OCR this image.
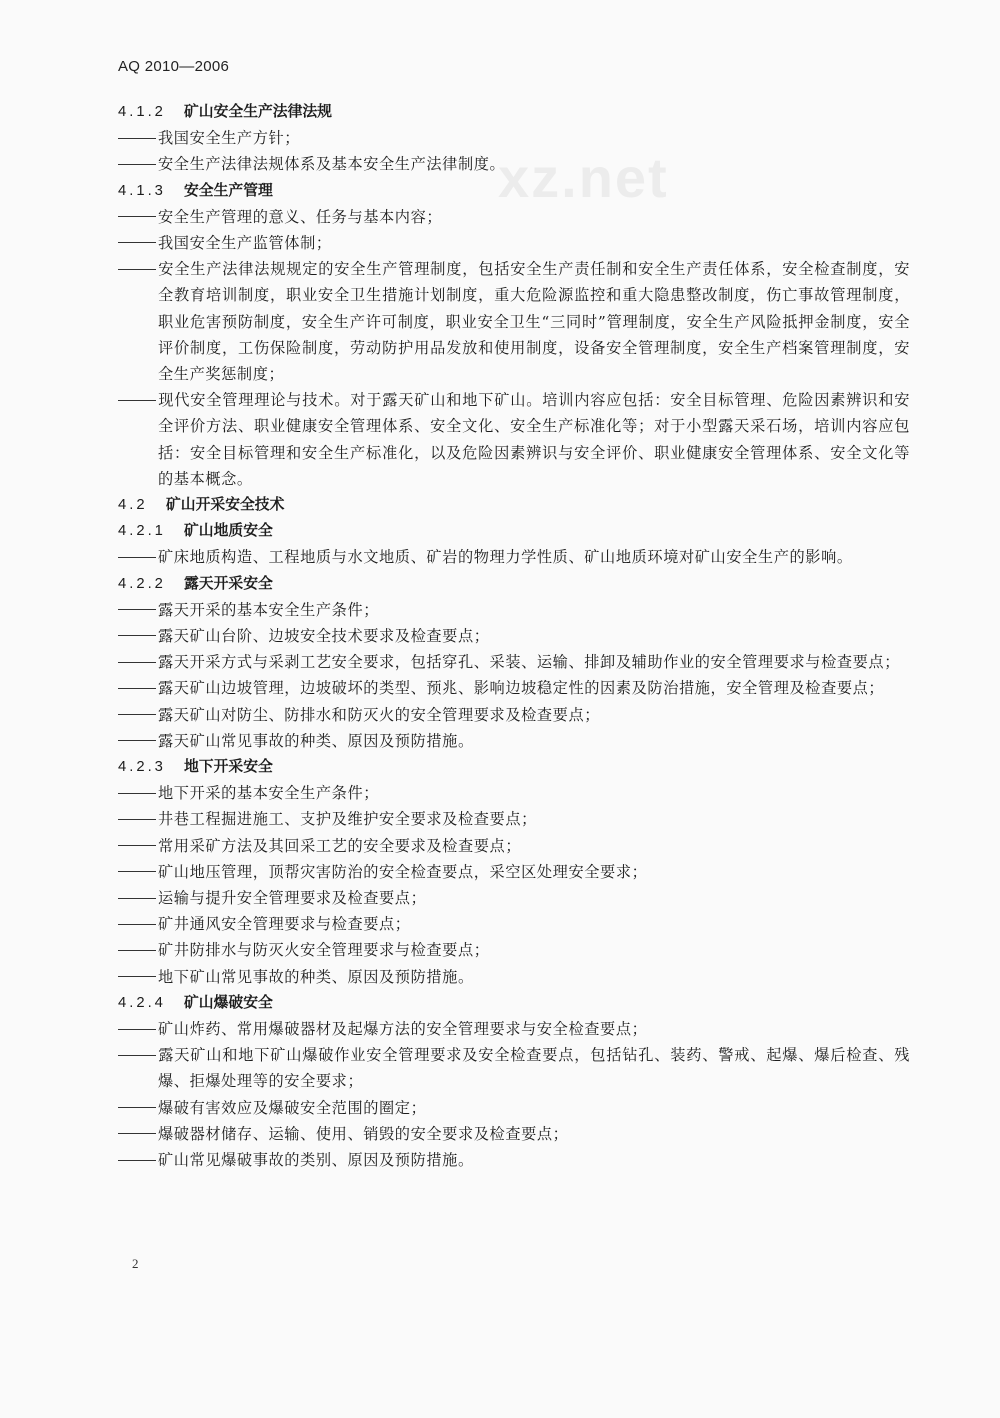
AQ 2010—2006
xz.net
4.1.2 矿山安全生产法律法规
我国安全生产方针；
安全生产法律法规体系及基本安全生产法律制度。
4.1.3 安全生产管理
安全生产管理的意义、任务与基本内容；
我国安全生产监管体制；
安全生产法律法规规定的安全生产管理制度，包括安全生产责任制和安全生产责任体系，安全检查制度，安全教育培训制度，职业安全卫生措施计划制度，重大危险源监控和重大隐患整改制度，伤亡事故管理制度，职业危害预防制度，安全生产许可制度，职业安全卫生“三同时”管理制度，安全生产风险抵押金制度，安全评价制度，工伤保险制度，劳动防护用品发放和使用制度，设备安全管理制度，安全生产档案管理制度，安全生产奖惩制度；
现代安全管理理论与技术。对于露天矿山和地下矿山。培训内容应包括：安全目标管理、危险因素辨识和安全评价方法、职业健康安全管理体系、安全文化、安全生产标准化等；对于小型露天采石场，培训内容应包括：安全目标管理和安全生产标准化，以及危险因素辨识与安全评价、职业健康安全管理体系、安全文化等的基本概念。
4.2 矿山开采安全技术
4.2.1 矿山地质安全
矿床地质构造、工程地质与水文地质、矿岩的物理力学性质、矿山地质环境对矿山安全生产的影响。
4.2.2 露天开采安全
露天开采的基本安全生产条件；
露天矿山台阶、边坡安全技术要求及检查要点；
露天开采方式与采剥工艺安全要求，包括穿孔、采装、运输、排卸及辅助作业的安全管理要求与检查要点；
露天矿山边坡管理，边坡破坏的类型、预兆、影响边坡稳定性的因素及防治措施，安全管理及检查要点；
露天矿山对防尘、防排水和防灭火的安全管理要求及检查要点；
露天矿山常见事故的种类、原因及预防措施。
4.2.3 地下开采安全
地下开采的基本安全生产条件；
井巷工程掘进施工、支护及维护安全要求及检查要点；
常用采矿方法及其回采工艺的安全要求及检查要点；
矿山地压管理，顶帮灾害防治的安全检查要点，采空区处理安全要求；
运输与提升安全管理要求及检查要点；
矿井通风安全管理要求与检查要点；
矿井防排水与防灭火安全管理要求与检查要点；
地下矿山常见事故的种类、原因及预防措施。
4.2.4 矿山爆破安全
矿山炸药、常用爆破器材及起爆方法的安全管理要求与安全检查要点；
露天矿山和地下矿山爆破作业安全管理要求及安全检查要点，包括钻孔、装药、警戒、起爆、爆后检查、残爆、拒爆处理等的安全要求；
爆破有害效应及爆破安全范围的圈定；
爆破器材储存、运输、使用、销毁的安全要求及检查要点；
矿山常见爆破事故的类别、原因及预防措施。
2
